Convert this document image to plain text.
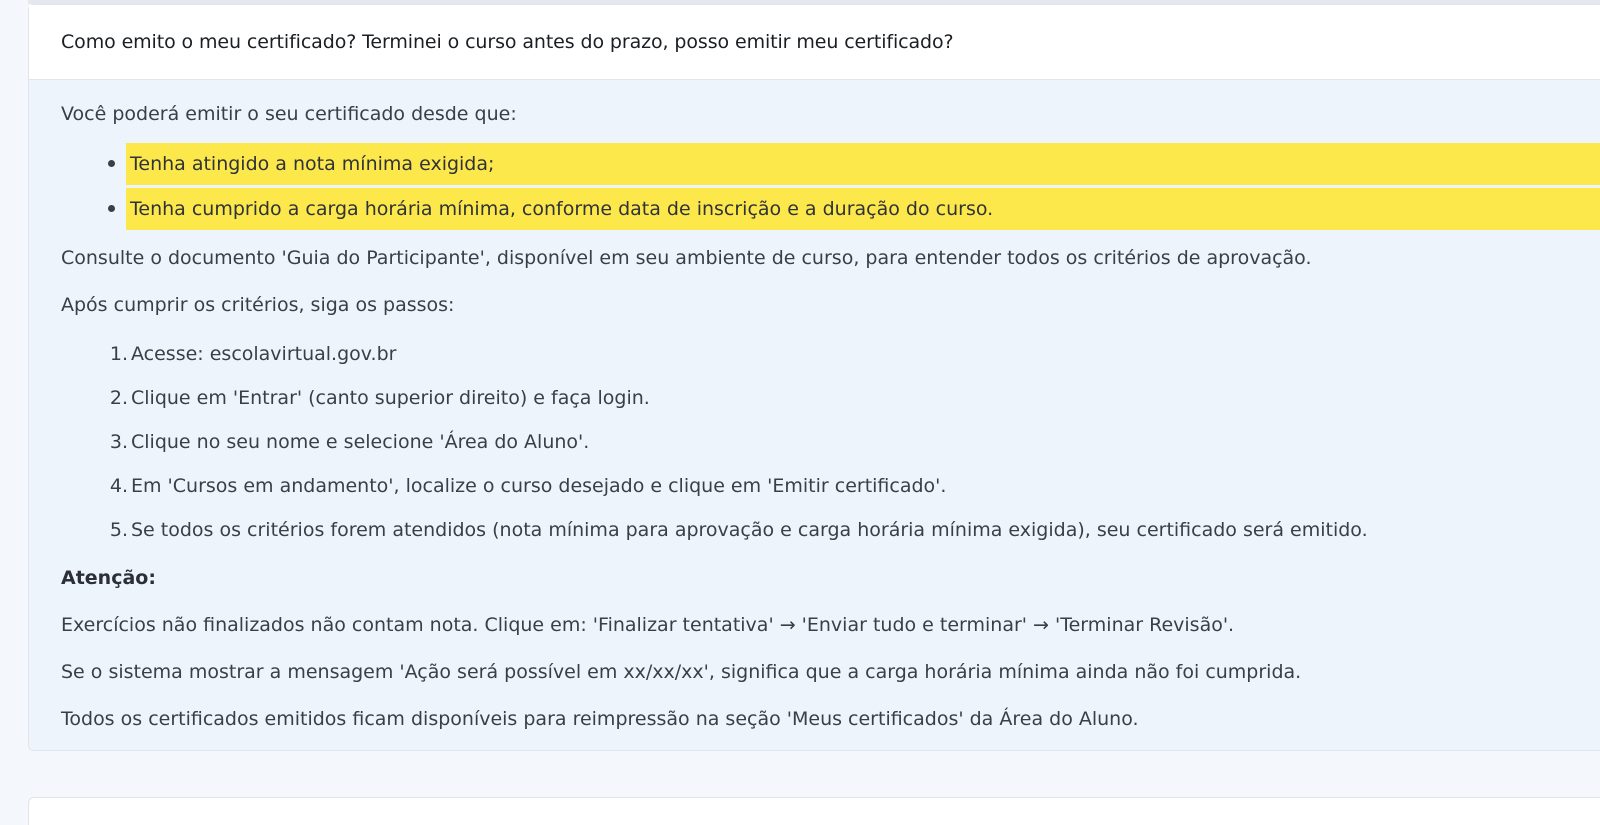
Como emito o meu certificado? Terminei o curso antes do prazo, posso emitir meu certificado?

Você poderá emitir o seu certificado desde que:

Tenha atingido a nota mínima exigida;
Tenha cumprido a carga horária mínima, conforme data de inscrição e a duração do curso.

Consulte o documento 'Guia do Participante', disponível em seu ambiente de curso, para entender todos os critérios de aprovação.

Após cumprir os critérios, siga os passos:

1. Acesse: escolavirtual.gov.br
2. Clique em 'Entrar' (canto superior direito) e faça login.
3. Clique no seu nome e selecione 'Área do Aluno'.
4. Em 'Cursos em andamento', localize o curso desejado e clique em 'Emitir certificado'.
5. Se todos os critérios forem atendidos (nota mínima para aprovação e carga horária mínima exigida), seu certificado será emitido.

Atenção:

Exercícios não finalizados não contam nota. Clique em: 'Finalizar tentativa' → 'Enviar tudo e terminar' → 'Terminar Revisão'.

Se o sistema mostrar a mensagem 'Ação será possível em xx/xx/xx', significa que a carga horária mínima ainda não foi cumprida.

Todos os certificados emitidos ficam disponíveis para reimpressão na seção 'Meus certificados' da Área do Aluno.
